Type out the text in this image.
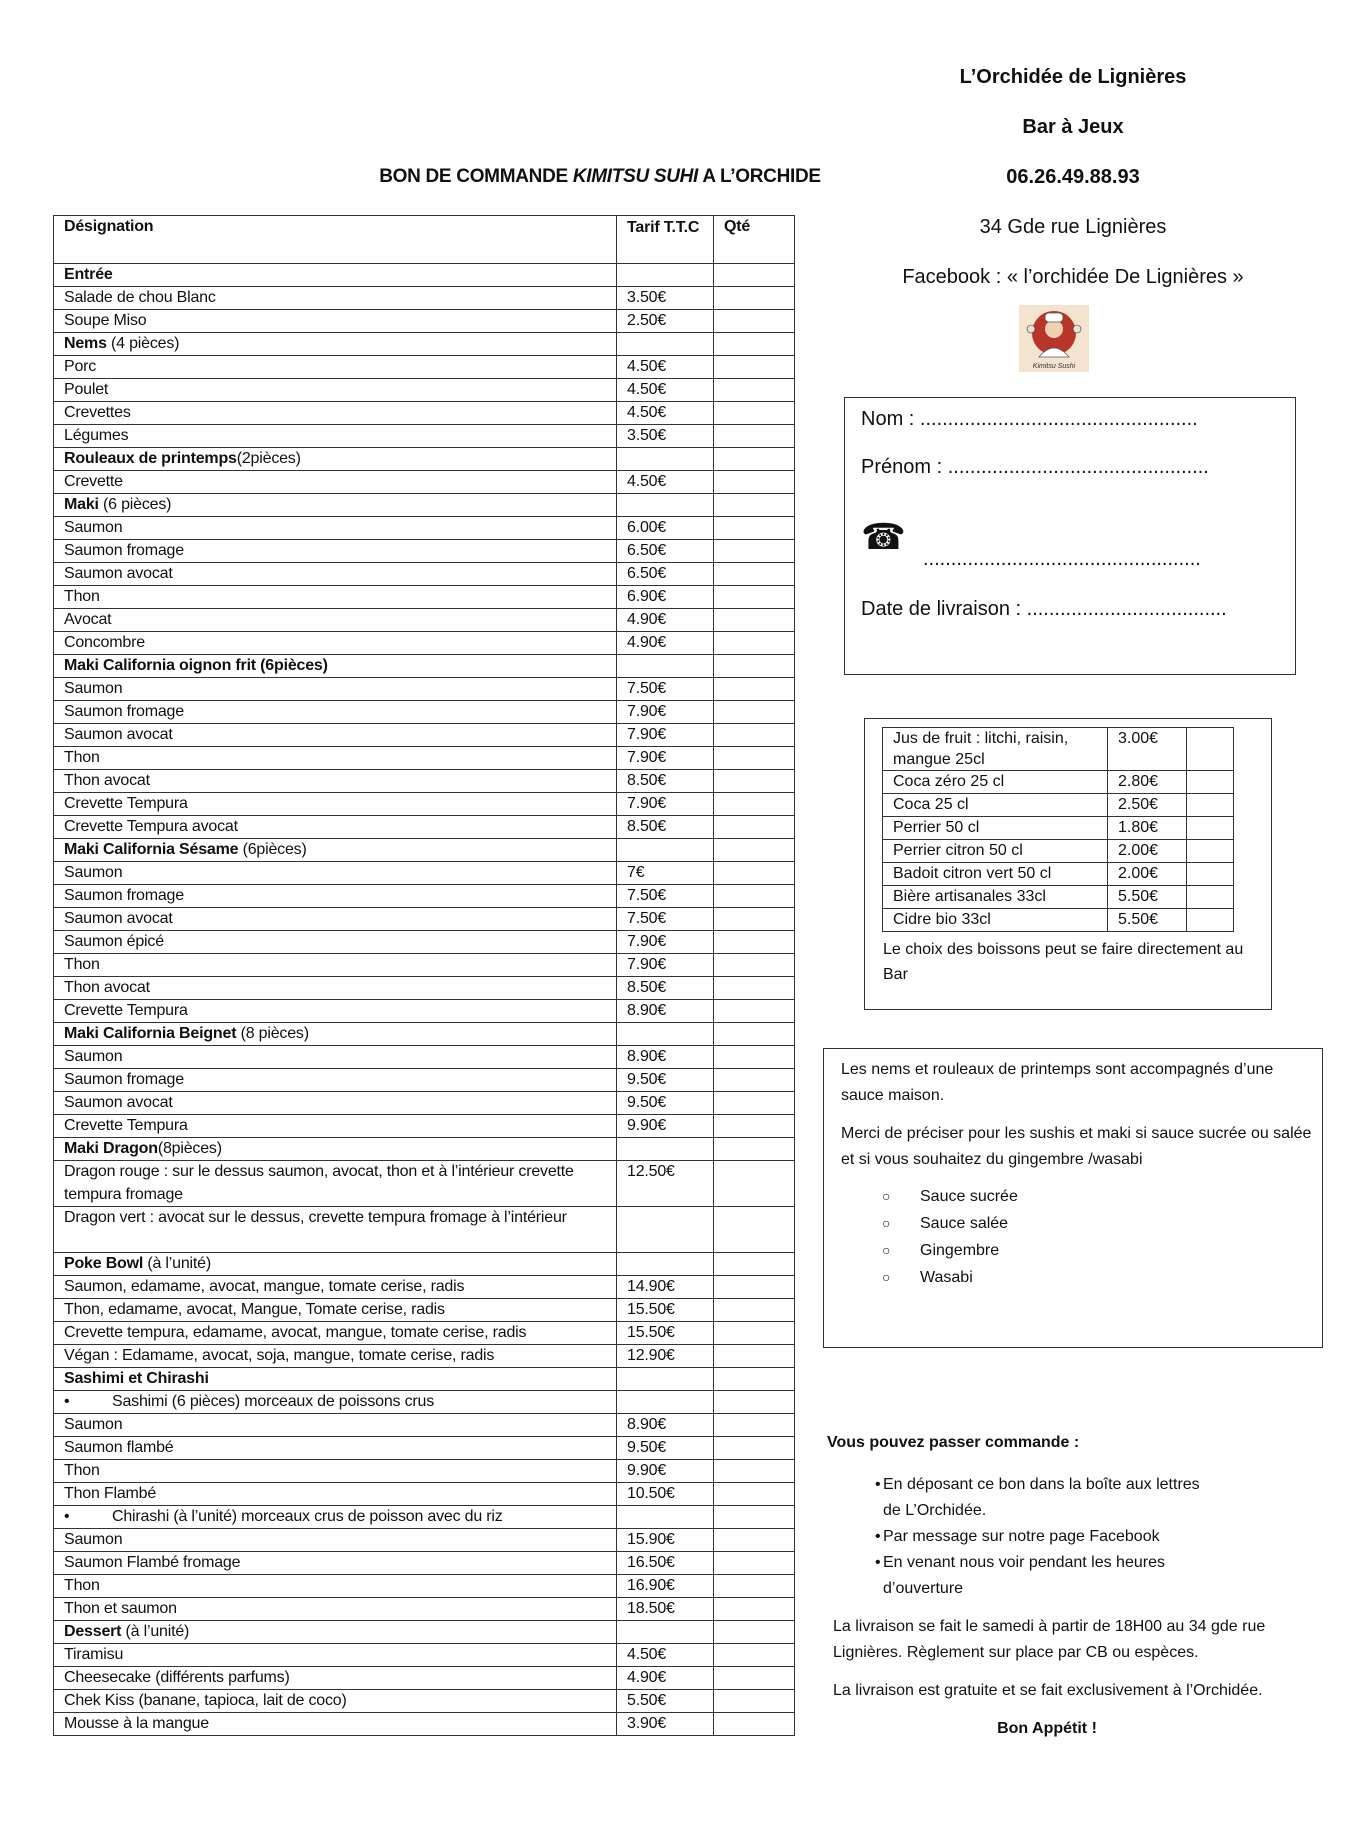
BON DE COMMANDE KIMITSU SUHI A L’ORCHIDE
L’Orchidée de Lignières
Bar à Jeux
06.26.49.88.93
34 Gde rue Lignières
Facebook : « l’orchidée De Lignières »
Kimitsu Sushi
Désignation	Tarif T.T.C	Qté
Entrée		
Salade de chou Blanc	3.50€	
Soupe Miso	2.50€	
Nems (4 pièces)		
Porc	4.50€	
Poulet	4.50€	
Crevettes	4.50€	
Légumes	3.50€	
Rouleaux de printemps(2pièces)		
Crevette	4.50€	
Maki (6 pièces)		
Saumon	6.00€	
Saumon fromage	6.50€	
Saumon avocat	6.50€	
Thon	6.90€	
Avocat	4.90€	
Concombre	4.90€	
Maki California oignon frit (6pièces)		
Saumon	7.50€	
Saumon fromage	7.90€	
Saumon avocat	7.90€	
Thon	7.90€	
Thon avocat	8.50€	
Crevette Tempura	7.90€	
Crevette Tempura avocat	8.50€	
Maki California Sésame (6pièces)		
Saumon	7€	
Saumon fromage	7.50€	
Saumon avocat	7.50€	
Saumon épicé	7.90€	
Thon	7.90€	
Thon avocat	8.50€	
Crevette Tempura	8.90€	
Maki California Beignet (8 pièces)		
Saumon	8.90€	
Saumon fromage	9.50€	
Saumon avocat	9.50€	
Crevette Tempura	9.90€	
Maki Dragon(8pièces)		
Dragon rouge : sur le dessus saumon, avocat, thon et à l’intérieur crevette tempura fromage	12.50€	
Dragon vert : avocat sur le dessus, crevette tempura fromage à l’intérieur		
Poke Bowl (à l’unité)		
Saumon, edamame, avocat, mangue, tomate cerise, radis	14.90€	
Thon, edamame, avocat, Mangue, Tomate cerise, radis	15.50€	
Crevette tempura, edamame, avocat, mangue, tomate cerise, radis	15.50€	
Végan : Edamame, avocat, soja, mangue, tomate cerise, radis	12.90€	
Sashimi et Chirashi		
• Sashimi (6 pièces) morceaux de poissons crus		
Saumon	8.90€	
Saumon flambé	9.50€	
Thon	9.90€	
Thon Flambé	10.50€	
• Chirashi (à l’unité) morceaux crus de poisson avec du riz		
Saumon	15.90€	
Saumon Flambé fromage	16.50€	
Thon	16.90€	
Thon et saumon	18.50€	
Dessert (à l’unité)		
Tiramisu	4.50€	
Cheesecake (différents parfums)	4.90€	
Chek Kiss (banane, tapioca, lait de coco)	5.50€	
Mousse à la mangue	3.90€	
Nom : ..................................................
Prénom : ...............................................
☎
..................................................
Date de livraison : ....................................
Jus de fruit : litchi, raisin, mangue 25cl	3.00€	
Coca zéro 25 cl	2.80€	
Coca 25 cl	2.50€	
Perrier 50 cl	1.80€	
Perrier citron 50 cl	2.00€	
Badoit citron vert 50 cl	2.00€	
Bière artisanales 33cl	5.50€	
Cidre bio 33cl	5.50€	
Le choix des boissons peut se faire directement au Bar
Les nems et rouleaux de printemps sont accompagnés d’une sauce maison.
Merci de préciser pour les sushis et maki si sauce sucrée ou salée et si vous souhaitez du gingembre /wasabi
○ Sauce sucrée
○ Sauce salée
○ Gingembre
○ Wasabi
Vous pouvez passer commande :
• En déposant ce bon dans la boîte aux lettres de L’Orchidée.
• Par message sur notre page Facebook
• En venant nous voir pendant les heures d’ouverture
La livraison se fait le samedi à partir de 18H00 au 34 gde rue Lignières. Règlement sur place par CB ou espèces.
La livraison est gratuite et se fait exclusivement à l’Orchidée.
Bon Appétit !
